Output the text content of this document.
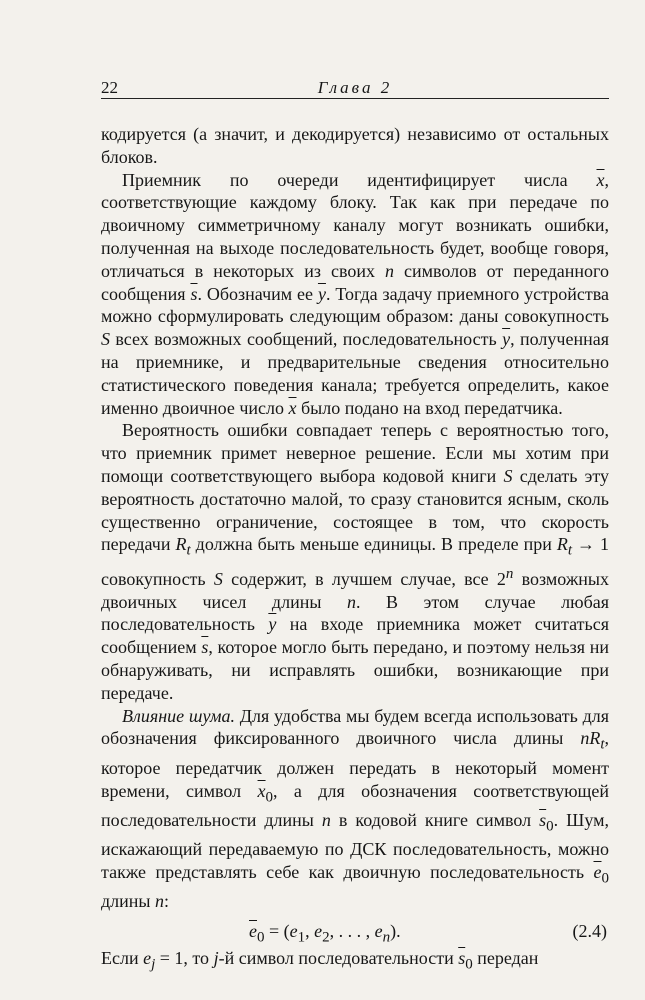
22	Глава 2

кодируется (а значит, и декодируется) независимо от остальных блоков.

Приемник по очереди идентифицирует числа $\overline{x}$, соответствующие каждому блоку. Так как при передаче по двоичному симметричному каналу могут возникать ошибки, полученная на выходе последовательность будет, вообще говоря, отличаться в некоторых из своих n символов от переданного сообщения $\overline{s}$. Обозначим ее $\overline{y}$. Тогда задачу приемного устройства можно сформулировать следующим образом: даны совокупность S всех возможных сообщений, последовательность $\overline{y}$, полученная на приемнике, и предварительные сведения относительно статистического поведения канала; требуется определить, какое именно двоичное число $\overline{x}$ было подано на вход передатчика.

Вероятность ошибки совпадает теперь с вероятностью того, что приемник примет неверное решение. Если мы хотим при помощи соответствующего выбора кодовой книги S сделать эту вероятность достаточно малой, то сразу становится ясным, сколь существенно ограничение, состоящее в том, что скорость передачи $R_t$ должна быть меньше единицы. В пределе при $R_t \to 1$ совокупность S содержит, в лучшем случае, все 2$^n$ возможных двоичных чисел длины n. В этом случае любая последовательность $\overline{y}$ на входе приемника может считаться сообщением $\overline{s}$, которое могло быть передано, и поэтому нельзя ни обнаруживать, ни исправлять ошибки, возникающие при передаче.

Влияние шума. Для удобства мы будем всегда использовать для обозначения фиксированного двоичного числа длины $nR_t$, которое передатчик должен передать в некоторый момент времени, символ $\overline{x}_0$, а для обозначения соответствующей последовательности длины n в кодовой книге символ $\overline{s}_0$. Шум, искажающий передаваемую по ДСК последовательность, можно также представлять себе как двоичную последовательность $\overline{e}_0$ длины n:

$\overline{e}_0 = (e_1$, $e_2$, . . . , $e_n$).	(2.4)

Если $e_j = 1$, то j-й символ последовательности $\overline{s}_0$ передан
